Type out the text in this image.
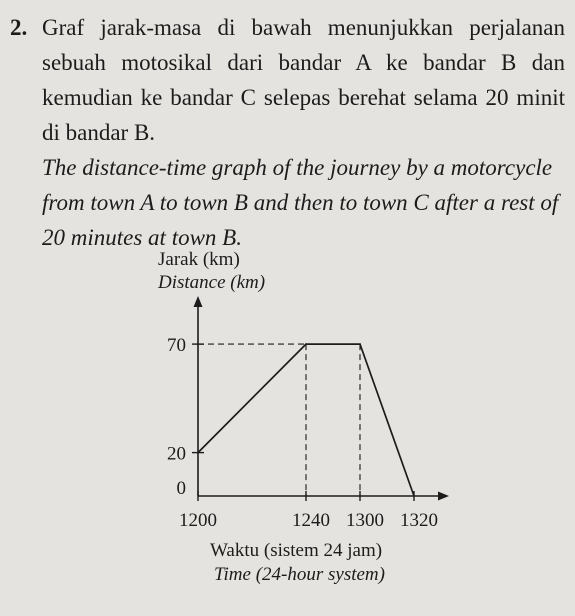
2. Graf jarak-masa di bawah menunjukkan perjalanan sebuah motosikal dari bandar A ke bandar B dan kemudian ke bandar C selepas berehat selama 20 minit di bandar B.
The distance-time graph of the journey by a motorcycle from town A to town B and then to town C after a rest of 20 minutes at town B.
Jarak (km)
Distance (km)
1200	1240 1300 1320
0
20
70
Waktu (sistem 24 jam)
Time (24-hour system)
